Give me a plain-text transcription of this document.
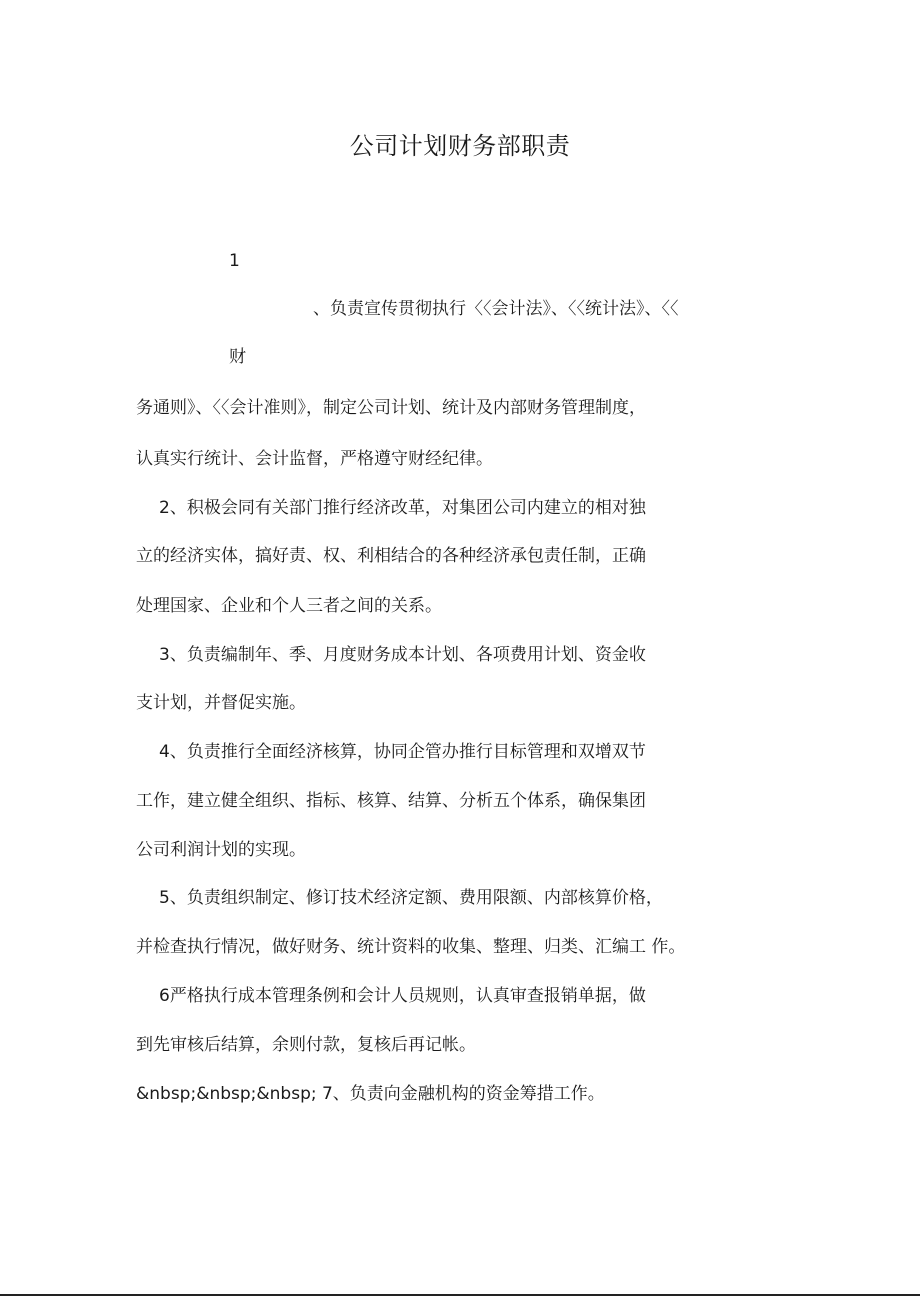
公司计划财务部职责
1
、负责宣传贯彻执行〈〈会计法》、〈〈统计法》、〈〈
财
务通则》、〈〈会计准则》，制定公司计划、统计及内部财务管理制度，
认真实行统计、会计监督，严格遵守财经纪律。
2、积极会同有关部门推行经济改革，对集团公司内建立的相对独
立的经济实体，搞好责、权、利相结合的各种经济承包责任制，正确
处理国家、企业和个人三者之间的关系。
3、负责编制年、季、月度财务成本计划、各项费用计划、资金收
支计划，并督促实施。
4、负责推行全面经济核算，协同企管办推行目标管理和双增双节
工作，建立健全组织、指标、核算、结算、分析五个体系，确保集团
公司利润计划的实现。
5、负责组织制定、修订技术经济定额、费用限额、内部核算价格，
并检查执行情况，做好财务、统计资料的收集、整理、归类、汇编工 作。
6严格执行成本管理条例和会计人员规则，认真审查报销单据，做
到先审核后结算，余则付款，复核后再记帐。
&nbsp;&nbsp;&nbsp; 7、负责向金融机构的资金筹措工作。
